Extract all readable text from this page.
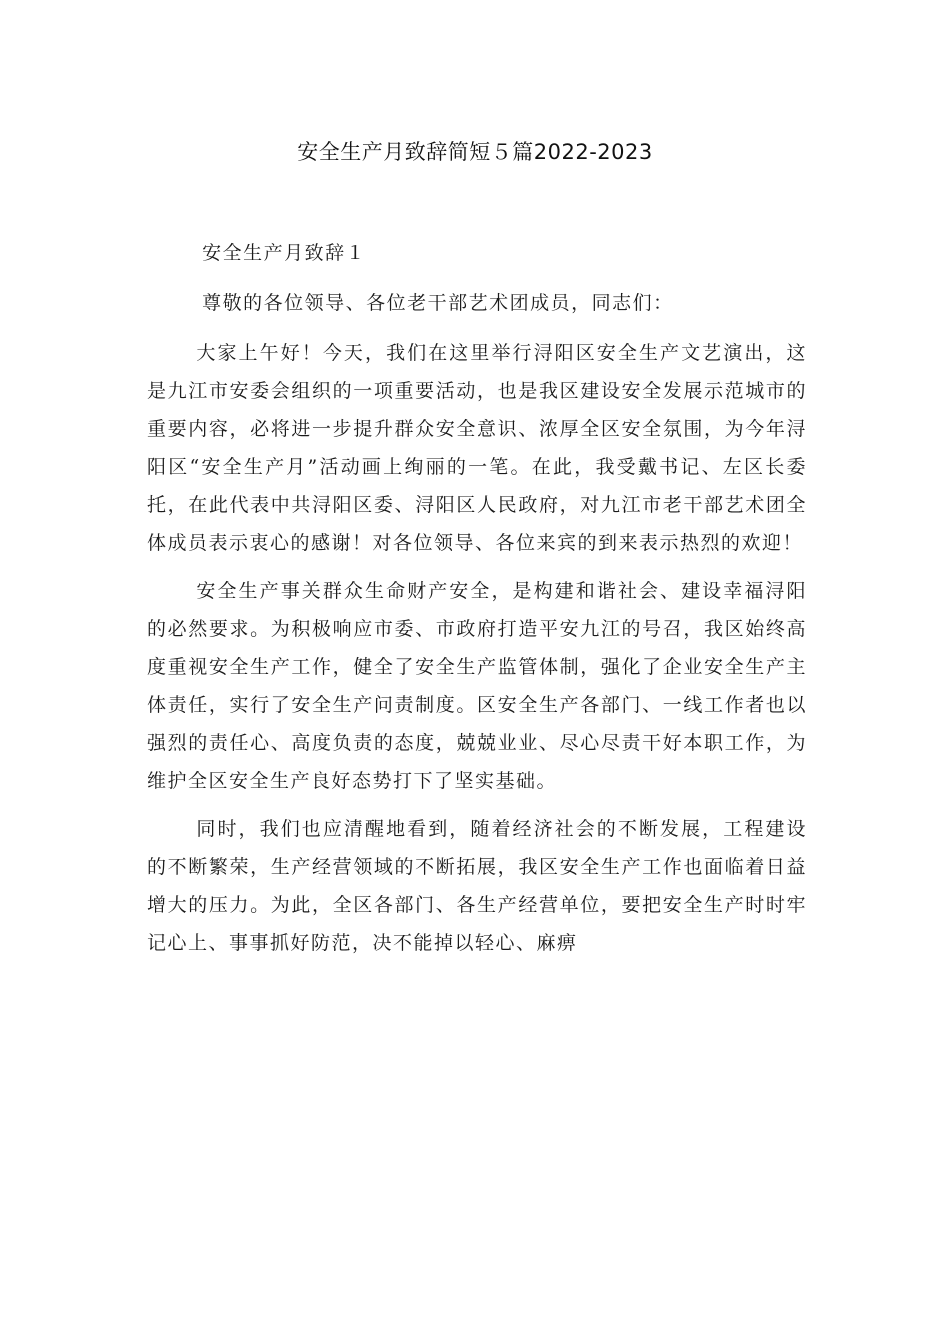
安全生产月致辞简短５篇2022-2023

安全生产月致辞１

尊敬的各位领导、各位老干部艺术团成员，同志们：

大家上午好！今天，我们在这里举行浔阳区安全生产文艺演出，这是九江市安委会组织的一项重要活动，也是我区建设安全发展示范城市的重要内容，必将进一步提升群众安全意识、浓厚全区安全氛围，为今年浔阳区“安全生产月”活动画上绚丽的一笔。在此，我受戴书记、左区长委托，在此代表中共浔阳区委、浔阳区人民政府，对九江市老干部艺术团全体成员表示衷心的感谢！对各位领导、各位来宾的到来表示热烈的欢迎！

安全生产事关群众生命财产安全，是构建和谐社会、建设幸福浔阳的必然要求。为积极响应市委、市政府打造平安九江的号召，我区始终高度重视安全生产工作，健全了安全生产监管体制，强化了企业安全生产主体责任，实行了安全生产问责制度。区安全生产各部门、一线工作者也以强烈的责任心、高度负责的态度，兢兢业业、尽心尽责干好本职工作，为维护全区安全生产良好态势打下了坚实基础。

同时，我们也应清醒地看到，随着经济社会的不断发展，工程建设的不断繁荣，生产经营领域的不断拓展，我区安全生产工作也面临着日益增大的压力。为此，全区各部门、各生产经营单位，要把安全生产时时牢记心上、事事抓好防范，决不能掉以轻心、麻痹
